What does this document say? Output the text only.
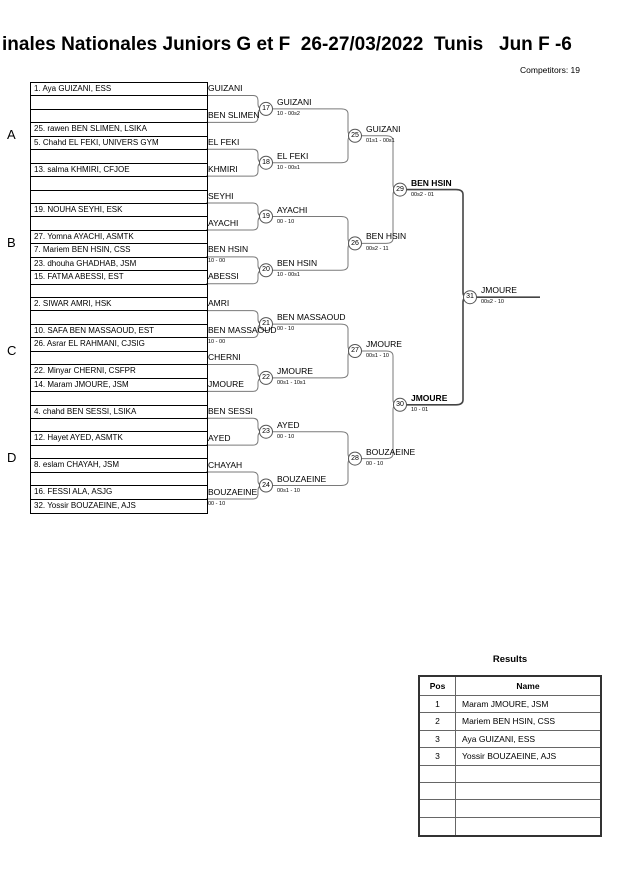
inales Nationales Juniors G et F  26-27/03/2022  Tunis   Jun F -6
Competitors: 19
A
B
C
D
1. Aya GUIZANI, ESS
25. rawen BEN SLIMEN, LSIKA
5. Chahd EL FEKI, UNIVERS GYM
13. salma KHMIRI, CFJOE
19. NOUHA SEYHI, ESK
27. Yomna AYACHI, ASMTK
7. Mariem BEN HSIN, CSS
23. dhouha GHADHAB, JSM
15. FATMA ABESSI, EST
2. SIWAR AMRI, HSK
10. SAFA BEN MASSAOUD, EST
26. Asrar EL RAHMANI, CJSIG
22. Minyar CHERNI, CSFPR
14. Maram JMOURE, JSM
4. chahd BEN SESSI, LSIKA
12. Hayet AYED, ASMTK
8. eslam CHAYAH, JSM
16. FESSI ALA, ASJG
32. Yossir BOUZAEINE, AJS
GUIZANI
BEN SLIMEN
EL FEKI
KHMIRI
SEYHI
AYACHI
BEN HSIN
10 - 00
ABESSI
AMRI
BEN MASSAOUD
10 - 00
CHERNI
JMOURE
BEN SESSI
AYED
CHAYAH
BOUZAEINE
00 - 10
17
18
19
20
21
22
23
24
25
26
27
28
29
30
31
GUIZANI
10 - 00s2
EL FEKI
10 - 00s1
AYACHI
00 - 10
BEN HSIN
10 - 00s1
BEN MASSAOUD
00 - 10
JMOURE
00s1 - 10s1
AYED
00 - 10
BOUZAEINE
00s1 - 10
GUIZANI
01s1 - 00s1
BEN HSIN
00s2 - 11
JMOURE
00s1 - 10
BOUZAEINE
00 - 10
BEN HSIN
00s2 - 01
JMOURE
10 - 01
JMOURE
00s2 - 10
Results
Pos	Name
1	Maram JMOURE, JSM
2	Mariem BEN HSIN, CSS
3	Aya GUIZANI, ESS
3	Yossir BOUZAEINE, AJS
